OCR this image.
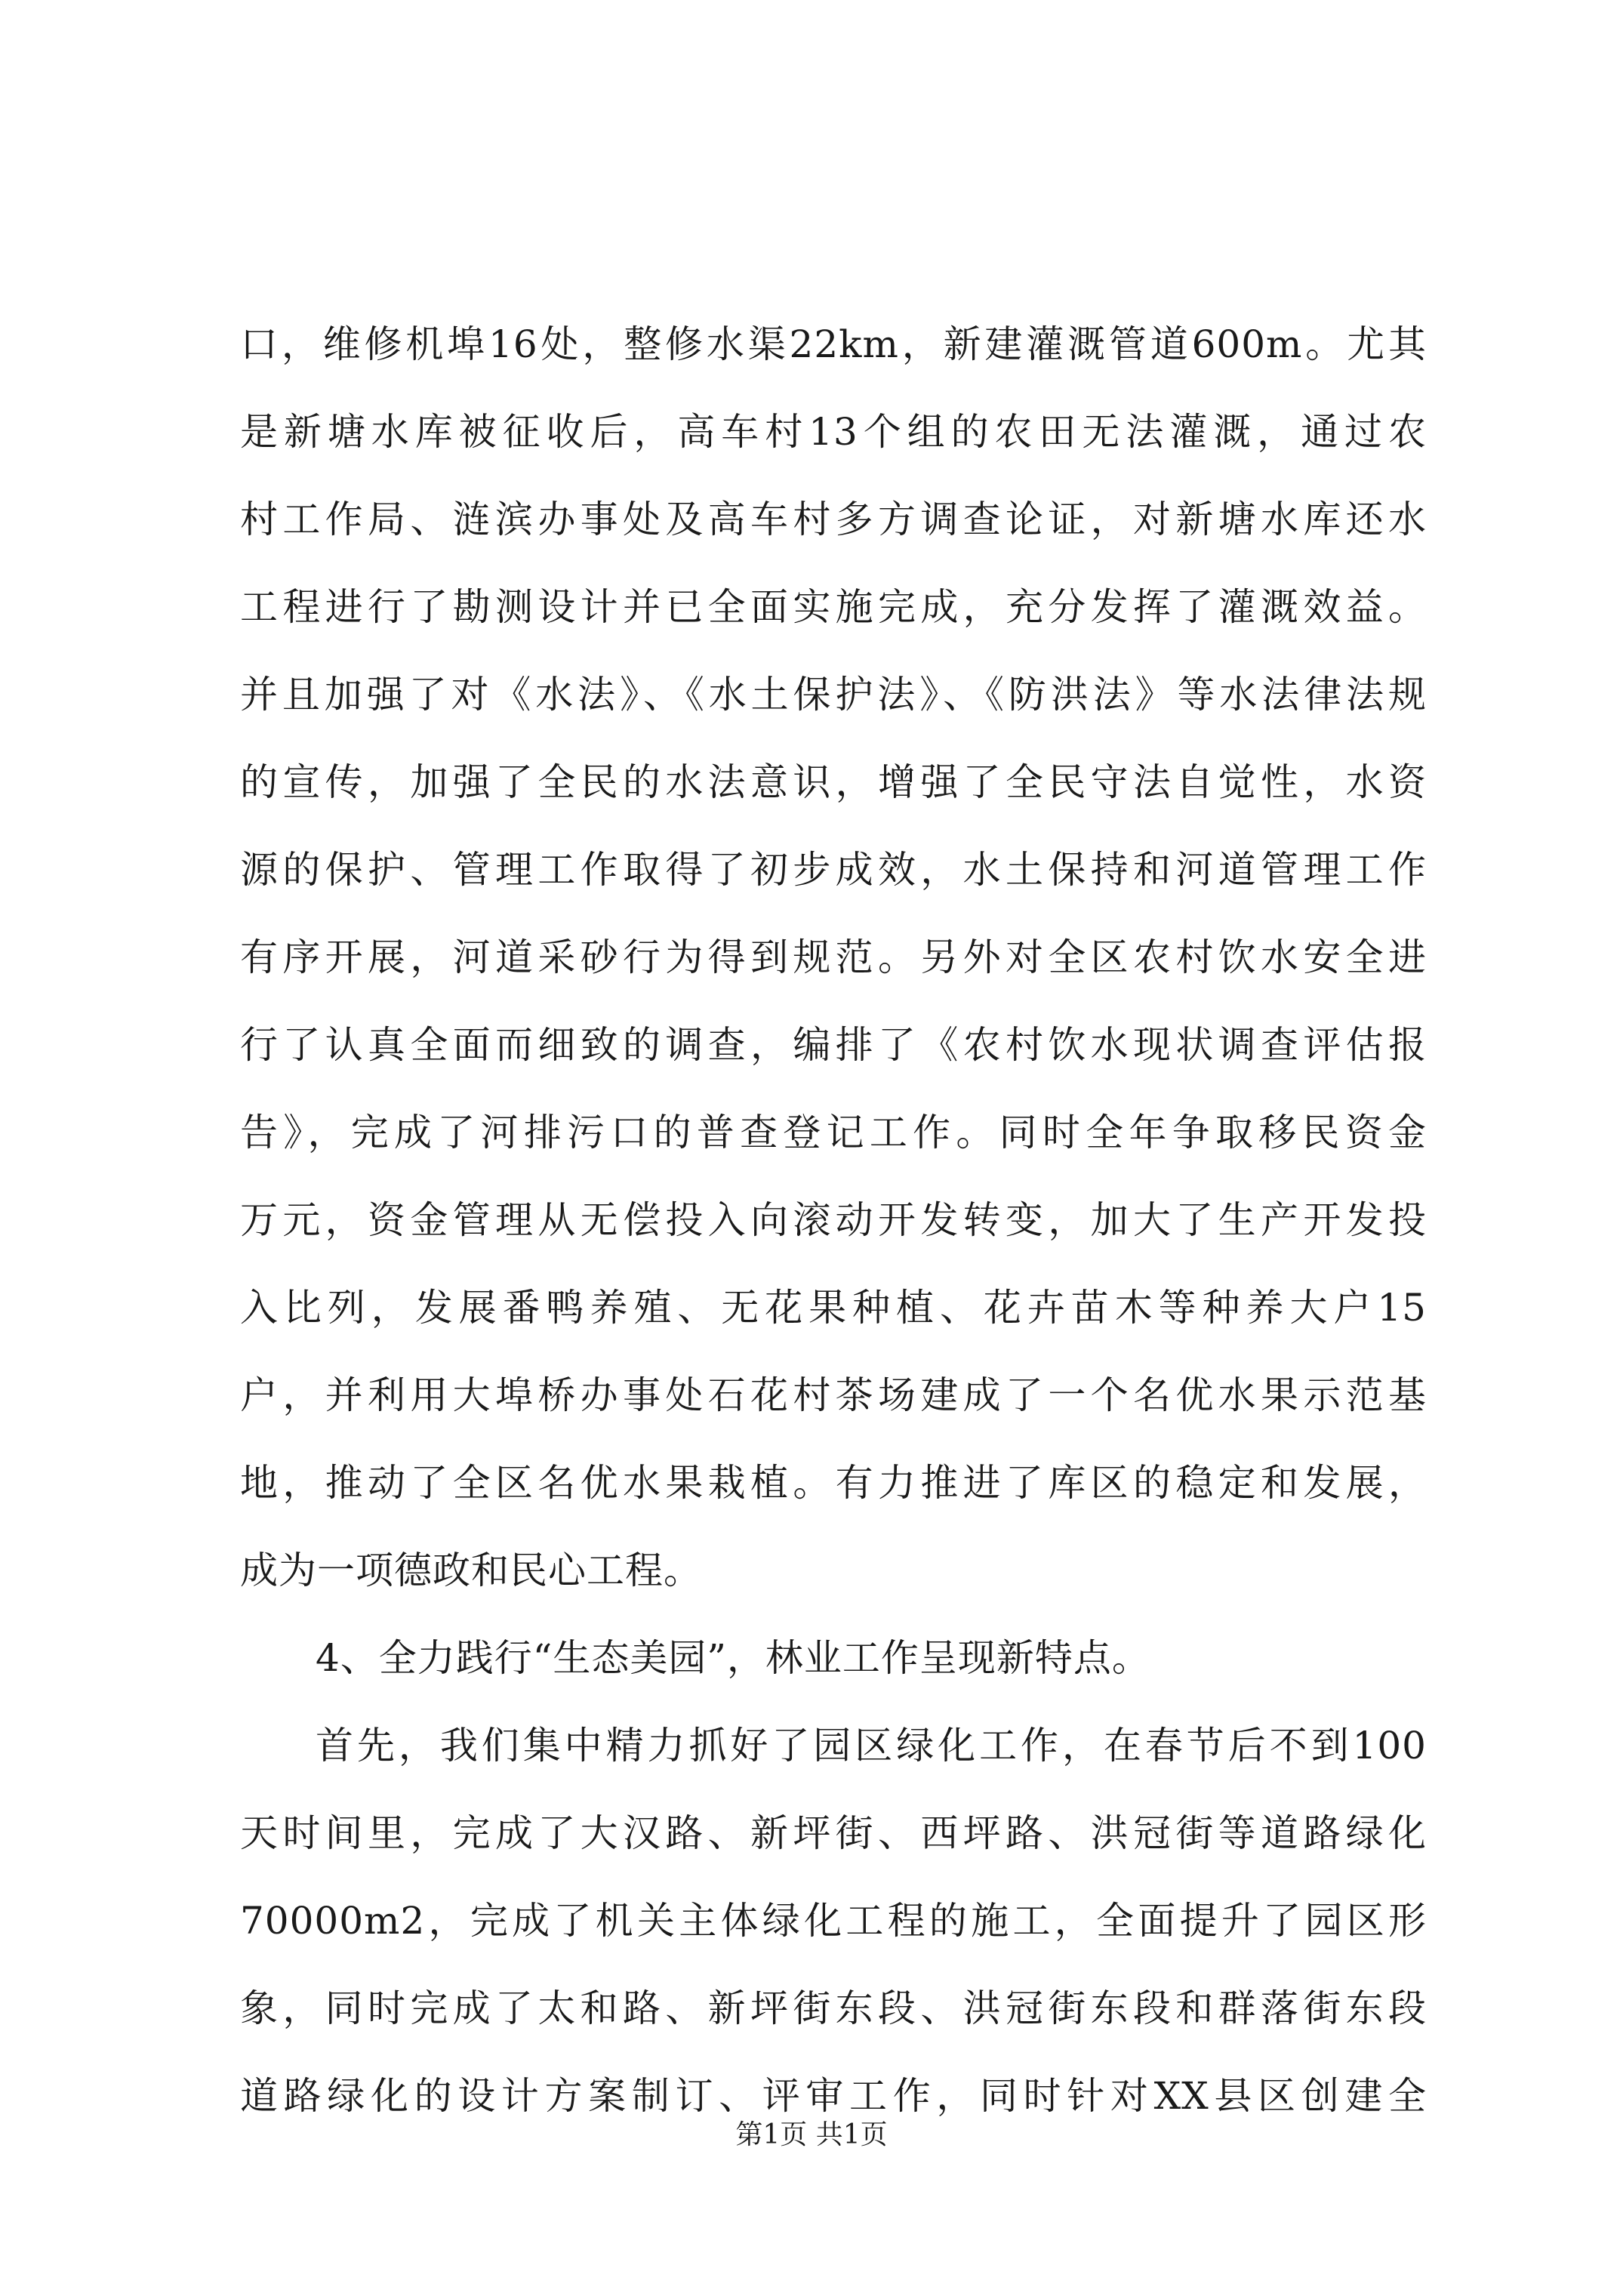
口，维修机埠16处，整修水渠22km，新建灌溉管道600m。尤其
是新塘水库被征收后，高车村13个组的农田无法灌溉，通过农
村工作局、涟滨办事处及高车村多方调查论证，对新塘水库还水
工程进行了勘测设计并已全面实施完成，充分发挥了灌溉效益。
并且加强了对《水法》、《水土保护法》、《防洪法》等水法律法规
的宣传，加强了全民的水法意识，增强了全民守法自觉性，水资
源的保护、管理工作取得了初步成效，水土保持和河道管理工作
有序开展，河道采砂行为得到规范。另外对全区农村饮水安全进
行了认真全面而细致的调查，编排了《农村饮水现状调查评估报
告》，完成了河排污口的普查登记工作。同时全年争取移民资金
万元，资金管理从无偿投入向滚动开发转变，加大了生产开发投
入比列，发展番鸭养殖、无花果种植、花卉苗木等种养大户15
户，并利用大埠桥办事处石花村茶场建成了一个名优水果示范基
地，推动了全区名优水果栽植。有力推进了库区的稳定和发展，
成为一项德政和民心工程。
4、全力践行“生态美园”，林业工作呈现新特点。
首先，我们集中精力抓好了园区绿化工作，在春节后不到100
天时间里，完成了大汉路、新坪街、西坪路、洪冠街等道路绿化
70000m2，完成了机关主体绿化工程的施工，全面提升了园区形
象，同时完成了太和路、新坪街东段、洪冠街东段和群落街东段
道路绿化的设计方案制订、评审工作，同时针对XX县区创建全
第1页 共1页
